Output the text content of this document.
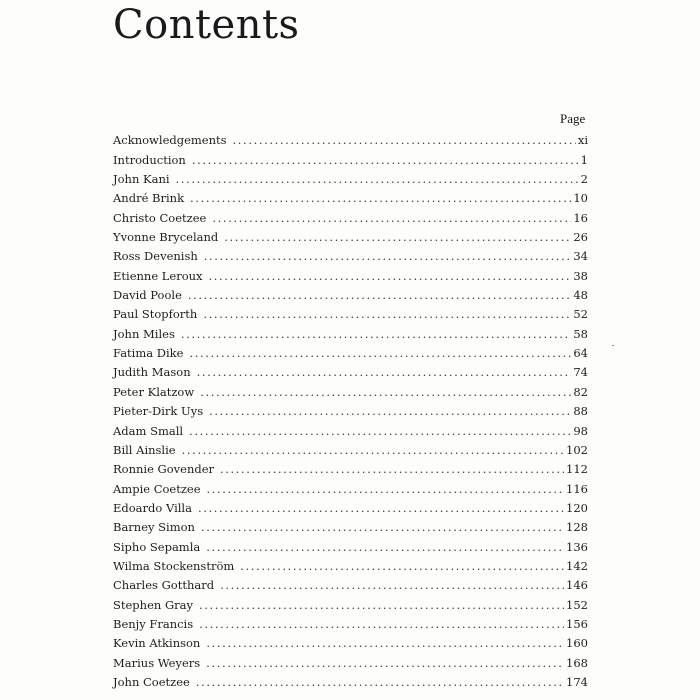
Contents
Page
Acknowledgements .....	xi
Introduction .....	1
John Kani .....	2
André Brink .....	10
Christo Coetzee .....	16
Yvonne Bryceland .....	26
Ross Devenish .....	34
Etienne Leroux .....	38
David Poole .....	48
Paul Stopforth .....	52
John Miles .....	58
Fatima Dike .....	64
Judith Mason .....	74
Peter Klatzow .....	82
Pieter-Dirk Uys .....	88
Adam Small .....	98
Bill Ainslie .....	102
Ronnie Govender .....	112
Ampie Coetzee .....	116
Edoardo Villa .....	120
Barney Simon .....	128
Sipho Sepamla .....	136
Wilma Stockenström .....	142
Charles Gotthard .....	146
Stephen Gray .....	152
Benjy Francis .....	156
Kevin Atkinson .....	160
Marius Weyers .....	168
John Coetzee .....	174
